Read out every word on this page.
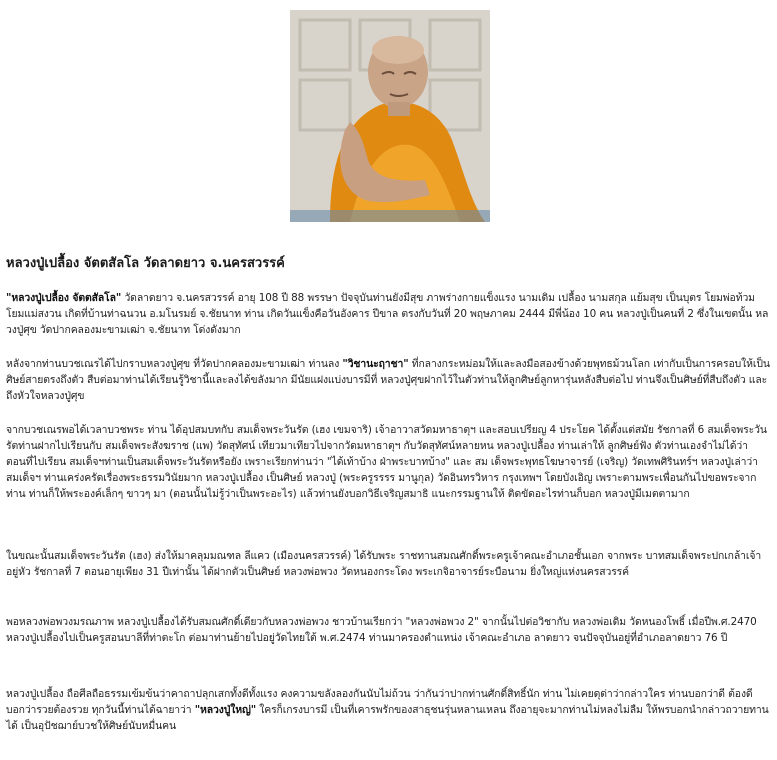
หลวงปู่เปลื้อง จัตตสัลโล วัดลาดยาว จ.นครสวรรค์

"หลวงปู่เปลื้อง จัตตสัลโล" วัดลาดยาว จ.นครสวรรค์ อายุ 108 ปี 88 พรรษา ปัจจุบันท่านยังมีสุข ภาพร่างกายแข็งแรง นามเดิม เปลื้อง นามสกุล แย้มสุข เป็นบุตร โยมพ่อท้วม โยมแม่สงวน เกิดที่บ้านท่าฉนวน อ.มโนรมย์ จ.ชัยนาท ท่าน เกิดวันแข็งคือวันอังคาร ปีขาล ตรงกับวันที่ 20 พฤษภาคม 2444 มีพี่น้อง 10 คน หลวงปู่เป็นคนที่ 2 ซึ่งในเขตนั้น หลวงปู่ศุข วัดปากคลองมะขามเฒ่า จ.ชัยนาท โด่งดังมาก

หลังจากท่านบวชเณรได้ไปกราบหลวงปู่ศุข ที่วัดปากคลองมะขามเฒ่า ท่านลง "วิชานะฤาชา" ที่กลางกระหม่อมให้และลงมือสองข้างด้วยพุทธม้วนโลก เท่ากับเป็นการครอบให้เป็นศิษย์สายตรงถึงตัว สืบต่อมาท่านได้เรียนรู้วิชานี้และลงได้ขลังมาก มีนัยแฝงแบ่งบารมีที่ หลวงปู่ศุขฝากไว้ในตัวท่านให้ลูกศิษย์ลูกหารุ่นหลังสืบต่อไป ท่านจึงเป็นศิษย์ที่สืบถึงตัว และถึงหัวใจหลวงปู่ศุข

จากบวชเณรพอได้เวลาบวชพระ ท่าน ได้อุปสมบทกับ สมเด็จพระวันรัต (เฮง เขมจาริ) เจ้าอาวาสวัดมหาธาตุฯ และสอบเปรียญ 4 ประโยค ได้ตั้งแต่สมัย รัชกาลที่ 6 สมเด็จพระวันรัตท่านฝากไปเรียนกับ สมเด็จพระสังฆราช (แพ) วัดสุทัศน์ เทียวมาเทียวไปจากวัดมหาธาตุฯ กับวัดสุทัศน์หลายหน หลวงปู่เปลื้อง ท่านเล่าให้ ลูกศิษย์ฟัง ตัวท่านเองจำไม่ได้ว่า ตอนที่ไปเรียน สมเด็จฯท่านเป็นสมเด็จพระวันรัตหรือยัง เพราะเรียกท่านว่า "ได้เท้าบ้าง ฝ่าพระบาทบ้าง" และ สม เด็จพระพุทธโฆษาจารย์ (เจริญ) วัดเทพศิรินทร์ฯ หลวงปู่เล่าว่า สมเด็จฯ ท่านเคร่งครัดเรื่องพระธรรมวินัยมาก หลวงปู่เปลื้อง เป็นศิษย์ หลวงปู่ (พระครูรรรร มานูกุล) วัดอินทรวิหาร กรุงเทพฯ โดยบังเอิญ เพราะตามพระเพื่อนกันไปขอพระจากท่าน ท่านก็ให้พระองค์เล็กๆ ขาวๆ มา (ตอนนั้นไม่รู้ว่าเป็นพระอะไร) แล้วท่านยังบอกวิธีเจริญสมาธิ แนะกรรมฐานให้ ติดขัดอะไรท่านก็บอก หลวงปู่มีเมตตามาก

ในขณะนั้นสมเด็จพระวันรัต (เฮง) ส่งให้มาคลุมมณฑล ลีแคว (เมืองนครสวรรค์) ได้รับพระ ราชทานสมณศักดิ์พระครูเจ้าคณะอำเภอชั้นเอก จากพระ บาทสมเด็จพระปกเกล้าเจ้าอยู่หัว รัชกาลที่ 7 ตอนอายุเพียง 31 ปีเท่านั้น ได้ฝากตัวเป็นศิษย์ หลวงพ่อพวง วัดหนองกระโดง พระเกจิอาจารย์ระบือนาม ยิ่งใหญ่แห่งนครสวรรค์

พอหลวงพ่อพวงมรณภาพ หลวงปู่เปลื้องได้รับสมณศักดิ์เดียวกับหลวงพ่อพวง ชาวบ้านเรียกว่า "หลวงพ่อพวง 2" จากนั้นไปต่อวิชากับ หลวงพ่อเดิม วัดหนองโพธิ์ เมื่อปีพ.ศ.2470 หลวงปู่เปลื้องไปเป็นครูสอนบาลีที่ท่าตะโก ต่อมาท่านย้ายไปอยู่วัดไทยใต้ พ.ศ.2474 ท่านมาครองตำแหน่ง เจ้าคณะอำเภอ ลาดยาว จนปัจจุบันอยู่ที่อำเภอลาดยาว 76 ปี

หลวงปู่เปลื้อง ถือศีลถือธรรมเข้มข้นว่าคาถาปลุกเสกทั้งดีทั้งแรง คงความขลังลองกันนับไม่ถ้วน ว่ากันว่าปากท่านศักดิ์สิทธิ์นัก ท่าน ไม่เคยดุด่าว่ากล่าวใคร ท่านบอกว่าดี ต้องดี บอกว่ารวยต้องรวย ทุกวันนี้ท่านได้ฉายาว่า "หลวงปู่ใหญ่" ใครก็เกรงบารมี เป็นที่เคารพรักของสาธุชนรุ่นหลานเหลน ถึงอายุจะมากท่านไม่หลงไม่ลืม ให้พรบอกนำกล่าวถวายทานได้ เป็นอุปัชฌาย์บวชให้ศิษย์นับหมื่นคน
